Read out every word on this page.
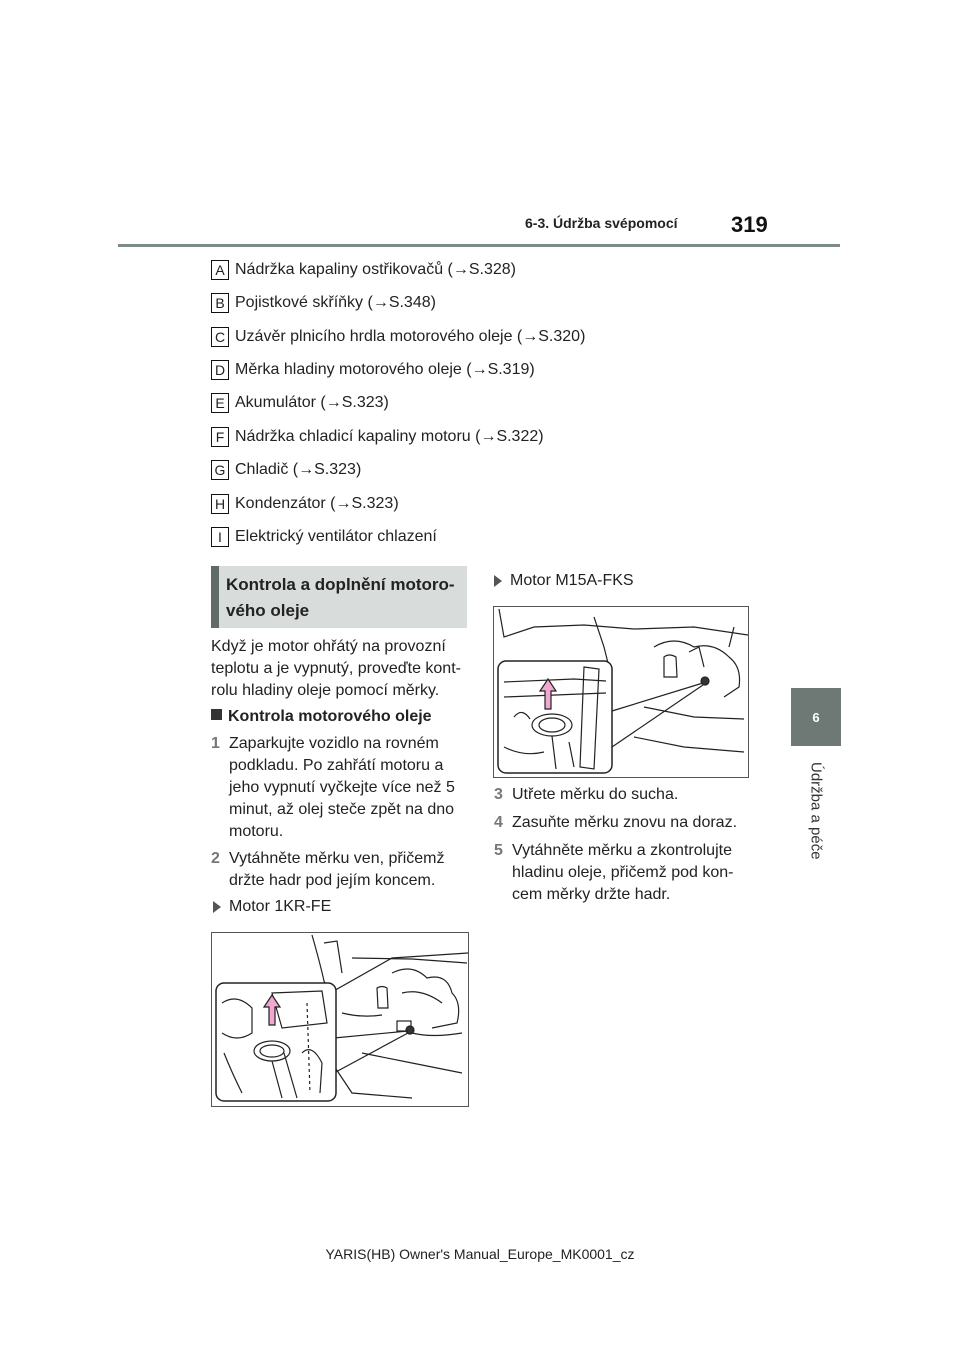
6-3. Údržba svépomocí 319
6
Údržba a péče
A Nádržka kapaliny ostřikovačů (→S.328)
B Pojistkové skříňky (→S.348)
C Uzávěr plnicího hrdla motorového oleje (→S.320)
D Měrka hladiny motorového oleje (→S.319)
E Akumulátor (→S.323)
F Nádržka chladicí kapaliny motoru (→S.322)
G Chladič (→S.323)
H Kondenzátor (→S.323)
I Elektrický ventilátor chlazení
Kontrola a doplnění motoro-vého oleje
Když je motor ohřátý na provozní teplotu a je vypnutý, proveďte kont-rolu hladiny oleje pomocí měrky.
Kontrola motorového oleje
1 Zaparkujte vozidlo na rovném podkladu. Po zahřátí motoru a jeho vypnutí vyčkejte více než 5 minut, až olej steče zpět na dno motoru.
2 Vytáhněte měrku ven, přičemž držte hadr pod jejím koncem.
Motor 1KR-FE
Motor M15A-FKS
3 Utřete měrku do sucha.
4 Zasuňte měrku znovu na doraz.
5 Vytáhněte měrku a zkontrolujte hladinu oleje, přičemž pod kon-cem měrky držte hadr.
YARIS(HB) Owner's Manual_Europe_MK0001_cz
